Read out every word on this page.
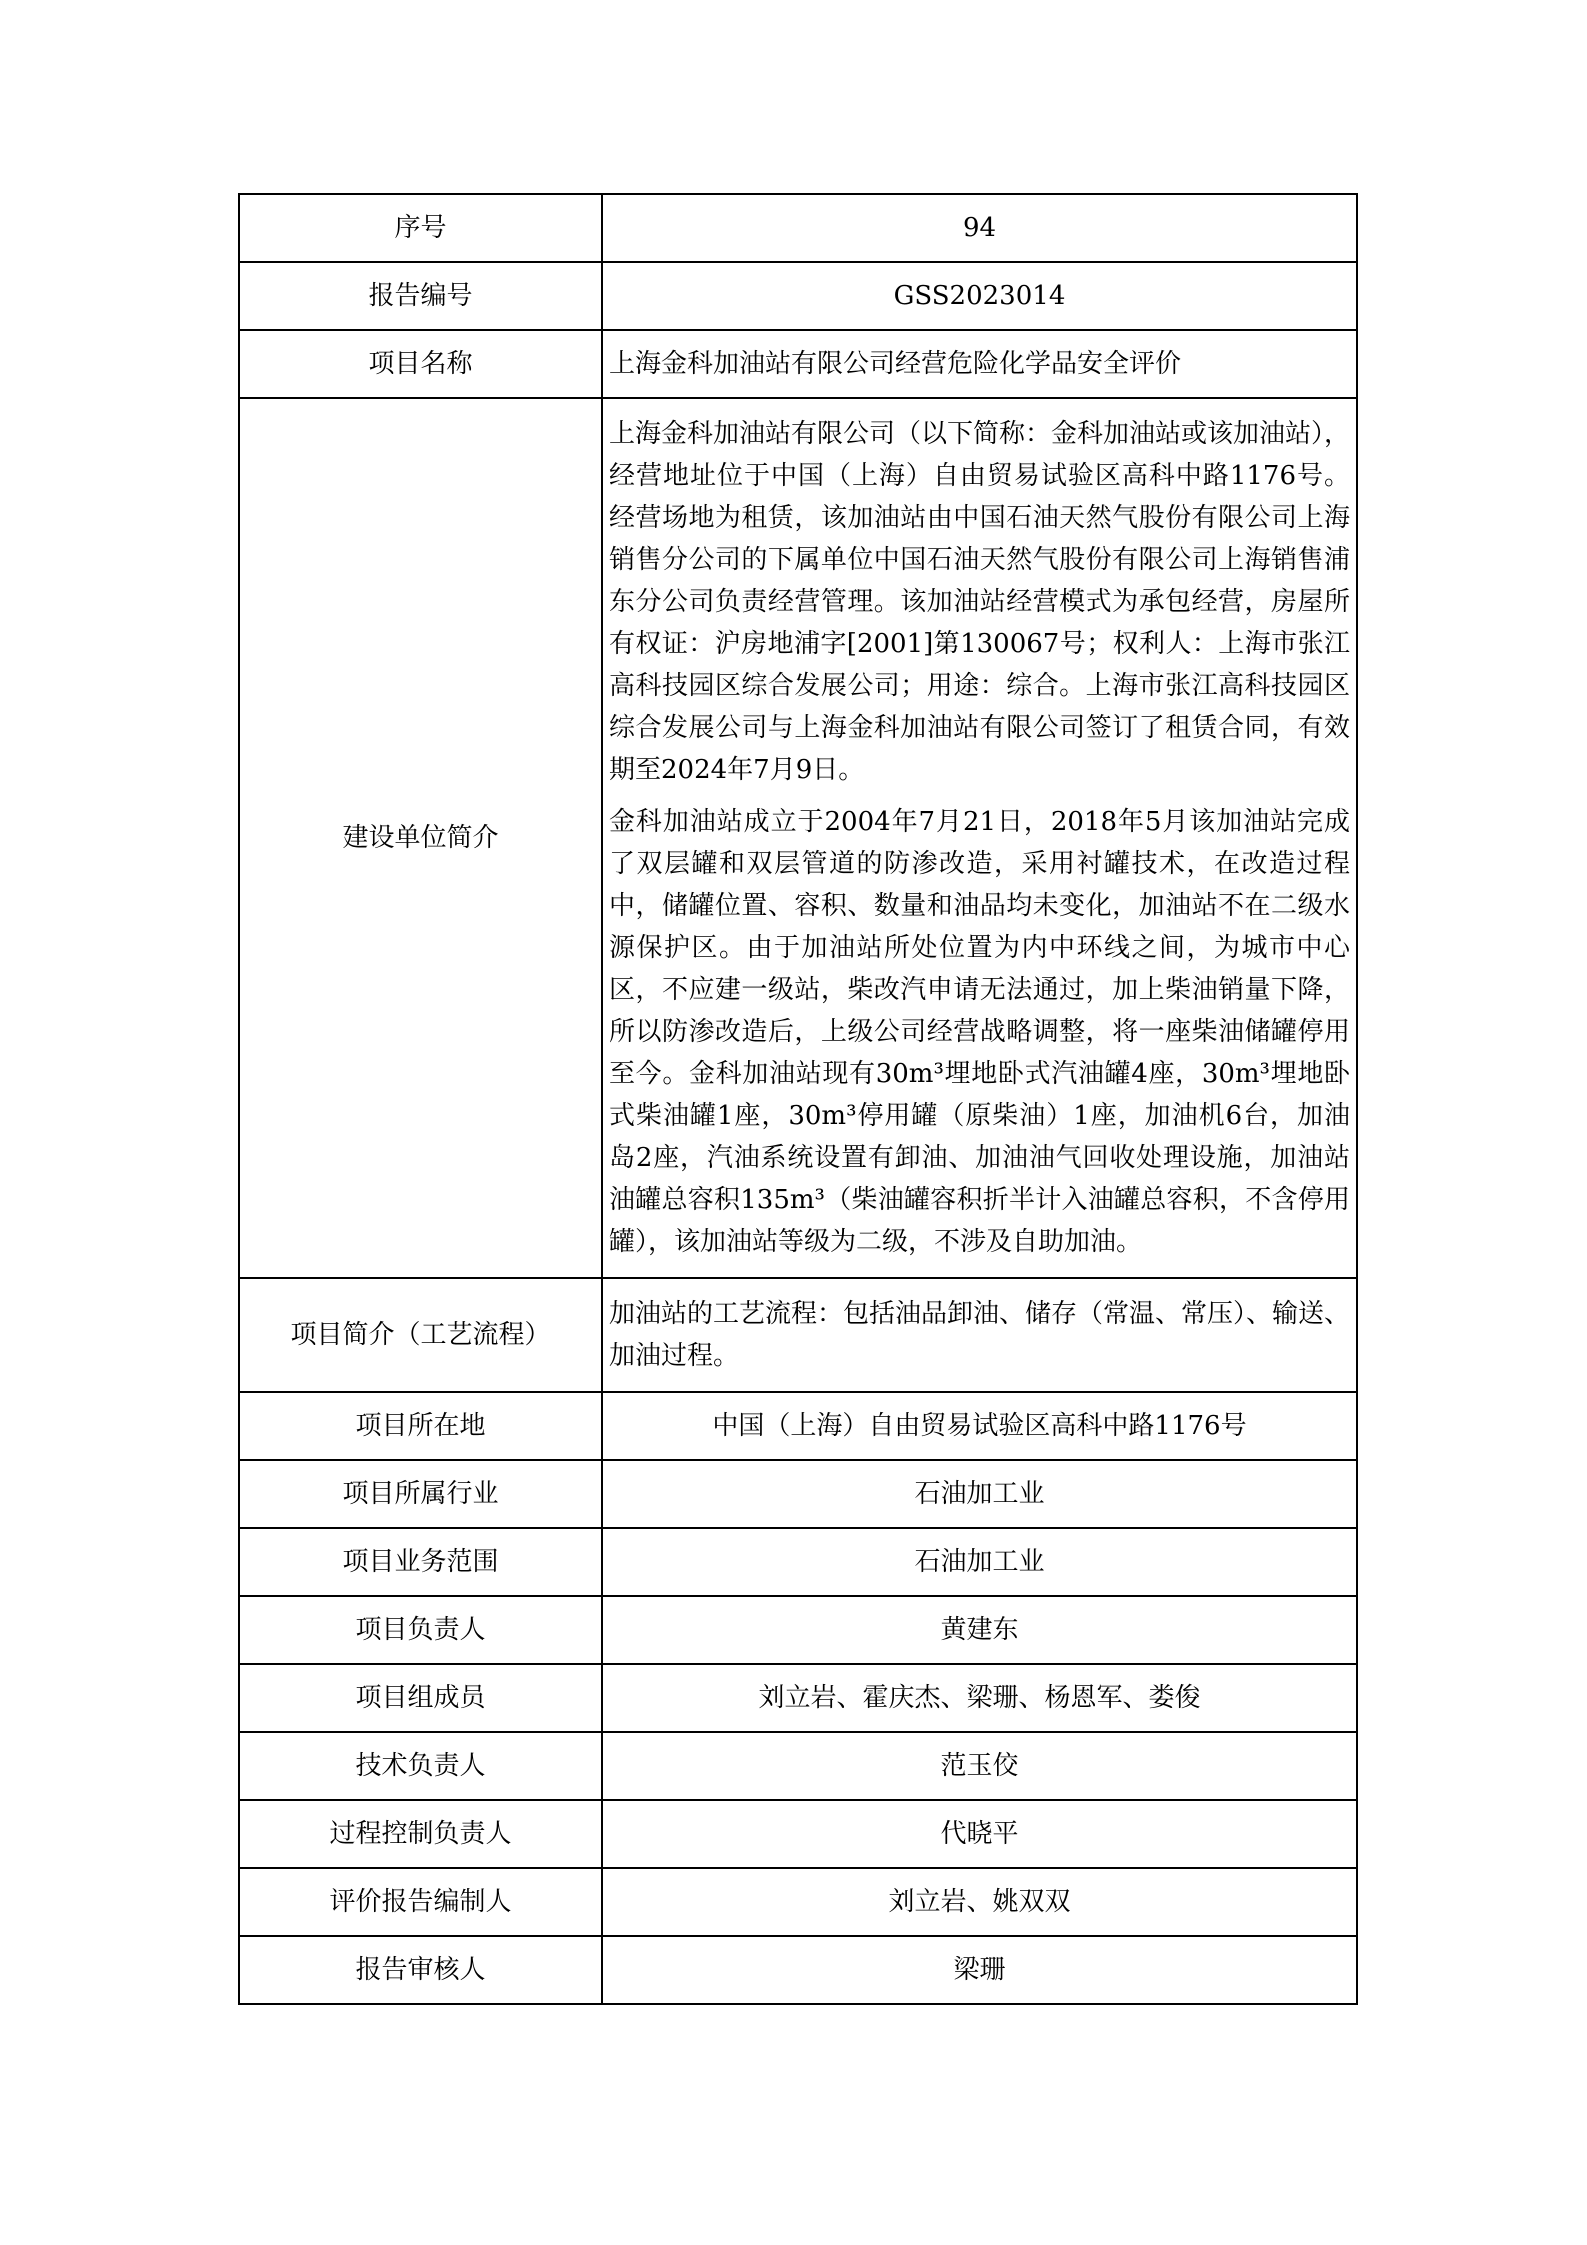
序号	94
报告编号	GSS2023014
项目名称	上海金科加油站有限公司经营危险化学品安全评价
建设单位简介	上海金科加油站有限公司（以下简称：金科加油站或该加油站），经营地址位于中国（上海）自由贸易试验区高科中路1176号。经营场地为租赁，该加油站由中国石油天然气股份有限公司上海销售分公司的下属单位中国石油天然气股份有限公司上海销售浦东分公司负责经营管理。该加油站经营模式为承包经营，房屋所有权证：沪房地浦字[2001]第130067号；权利人：上海市张江高科技园区综合发展公司；用途：综合。上海市张江高科技园区综合发展公司与上海金科加油站有限公司签订了租赁合同，有效期至2024年7月9日。
金科加油站成立于2004年7月21日，2018年5月该加油站完成了双层罐和双层管道的防渗改造，采用衬罐技术，在改造过程中，储罐位置、容积、数量和油品均未变化，加油站不在二级水源保护区。由于加油站所处位置为内中环线之间，为城市中心区，不应建一级站，柴改汽申请无法通过，加上柴油销量下降，所以防渗改造后，上级公司经营战略调整，将一座柴油储罐停用至今。金科加油站现有30m³埋地卧式汽油罐4座，30m³埋地卧式柴油罐1座，30m³停用罐（原柴油）1座，加油机6台，加油岛2座，汽油系统设置有卸油、加油油气回收处理设施，加油站油罐总容积135m³（柴油罐容积折半计入油罐总容积，不含停用罐），该加油站等级为二级，不涉及自助加油。

项目简介（工艺流程）	加油站的工艺流程：包括油品卸油、储存（常温、常压）、输送、加油过程。
项目所在地	中国（上海）自由贸易试验区高科中路1176号
项目所属行业	石油加工业
项目业务范围	石油加工业
项目负责人	黄建东
项目组成员	刘立岩、霍庆杰、梁珊、杨恩军、娄俊
技术负责人	范玉佼
过程控制负责人	代晓平
评价报告编制人	刘立岩、姚双双
报告审核人	梁珊
